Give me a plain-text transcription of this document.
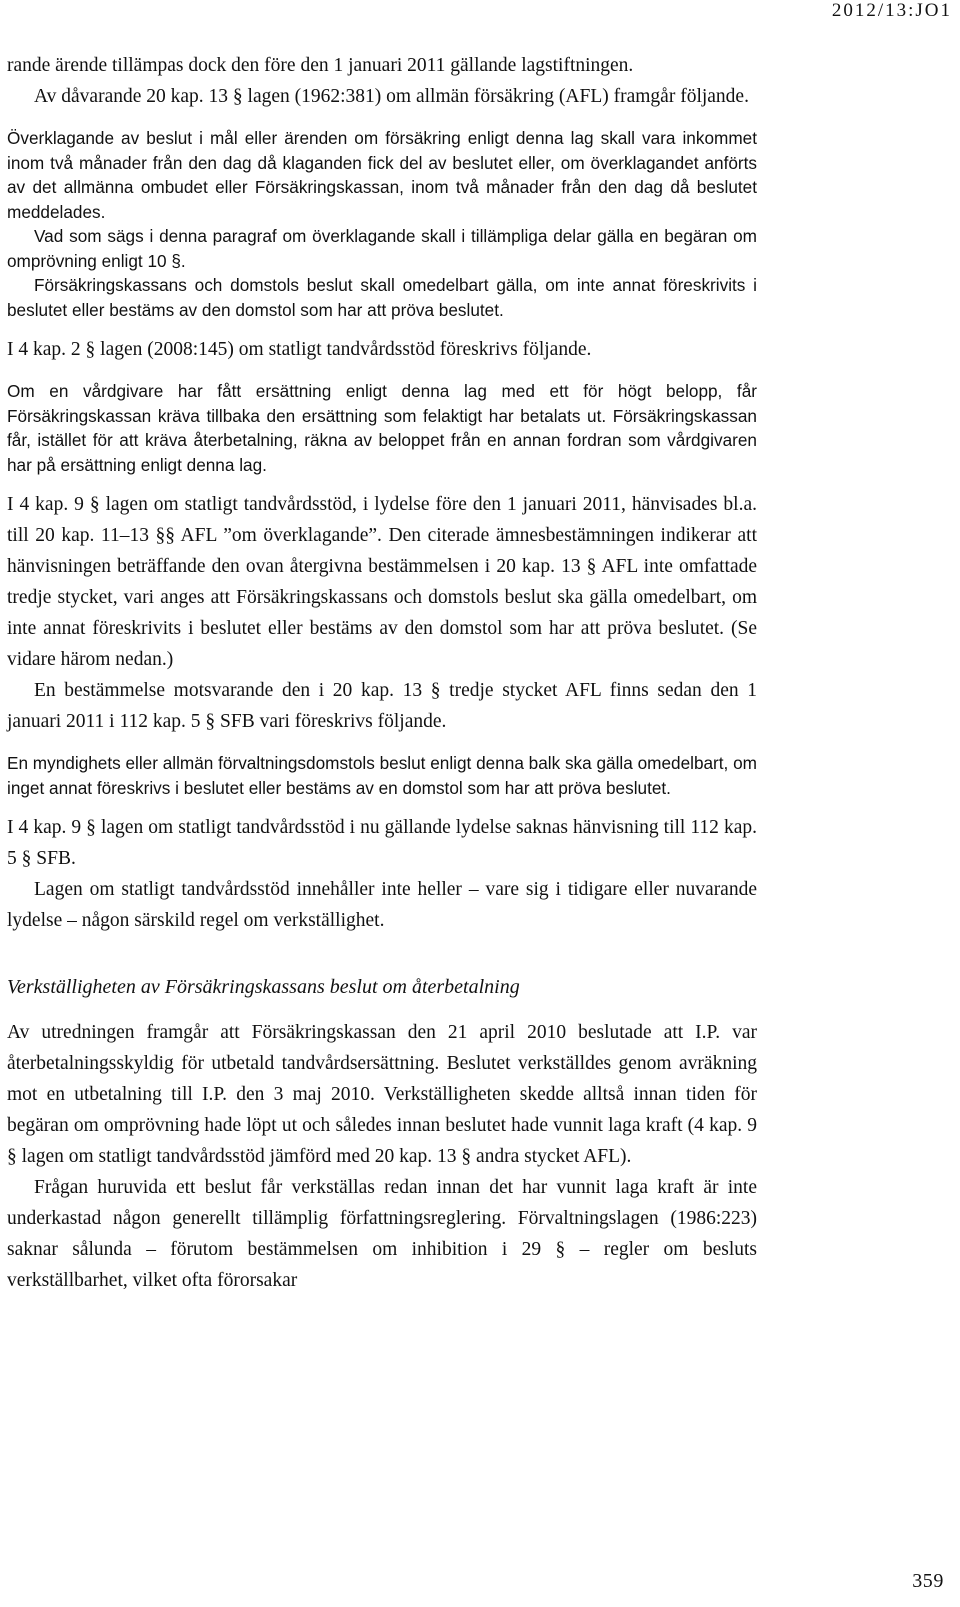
2012/13:JO1

rande ärende tillämpas dock den före den 1 januari 2011 gällande lagstiftningen.

Av dåvarande 20 kap. 13 § lagen (1962:381) om allmän försäkring (AFL) framgår följande.

Överklagande av beslut i mål eller ärenden om försäkring enligt denna lag skall vara inkommet inom två månader från den dag då klaganden fick del av beslutet eller, om överklagandet anförts av det allmänna ombudet eller Försäkringskassan, inom två månader från den dag då beslutet meddelades.

Vad som sägs i denna paragraf om överklagande skall i tillämpliga delar gälla en begäran om omprövning enligt 10 §.

Försäkringskassans och domstols beslut skall omedelbart gälla, om inte annat föreskrivits i beslutet eller bestäms av den domstol som har att pröva beslutet.

I 4 kap. 2 § lagen (2008:145) om statligt tandvårdsstöd föreskrivs följande.

Om en vårdgivare har fått ersättning enligt denna lag med ett för högt belopp, får Försäkringskassan kräva tillbaka den ersättning som felaktigt har betalats ut. Försäkringskassan får, istället för att kräva återbetalning, räkna av beloppet från en annan fordran som vårdgivaren har på ersättning enligt denna lag.

I 4 kap. 9 § lagen om statligt tandvårdsstöd, i lydelse före den 1 januari 2011, hänvisades bl.a. till 20 kap. 11–13 §§ AFL ”om överklagande”. Den citerade ämnesbestämningen indikerar att hänvisningen beträffande den ovan återgivna bestämmelsen i 20 kap. 13 § AFL inte omfattade tredje stycket, vari anges att Försäkringskassans och domstols beslut ska gälla omedelbart, om inte annat föreskrivits i beslutet eller bestäms av den domstol som har att pröva beslutet. (Se vidare härom nedan.)

En bestämmelse motsvarande den i 20 kap. 13 § tredje stycket AFL finns sedan den 1 januari 2011 i 112 kap. 5 § SFB vari föreskrivs följande.

En myndighets eller allmän förvaltningsdomstols beslut enligt denna balk ska gälla omedelbart, om inget annat föreskrivs i beslutet eller bestäms av en domstol som har att pröva beslutet.

I 4 kap. 9 § lagen om statligt tandvårdsstöd i nu gällande lydelse saknas hänvisning till 112 kap. 5 § SFB.

Lagen om statligt tandvårdsstöd innehåller inte heller – vare sig i tidigare eller nuvarande lydelse – någon särskild regel om verkställighet.

Verkställigheten av Försäkringskassans beslut om återbetalning

Av utredningen framgår att Försäkringskassan den 21 april 2010 beslutade att I.P. var återbetalningsskyldig för utbetald tandvårdsersättning. Beslutet verkställdes genom avräkning mot en utbetalning till I.P. den 3 maj 2010. Verkställigheten skedde alltså innan tiden för begäran om omprövning hade löpt ut och således innan beslutet hade vunnit laga kraft (4 kap. 9 § lagen om statligt tandvårdsstöd jämförd med 20 kap. 13 § andra stycket AFL).

Frågan huruvida ett beslut får verkställas redan innan det har vunnit laga kraft är inte underkastad någon generellt tillämplig författningsreglering. Förvaltningslagen (1986:223) saknar sålunda – förutom bestämmelsen om inhibition i 29 § – regler om besluts verkställbarhet, vilket ofta förorsakar

359
